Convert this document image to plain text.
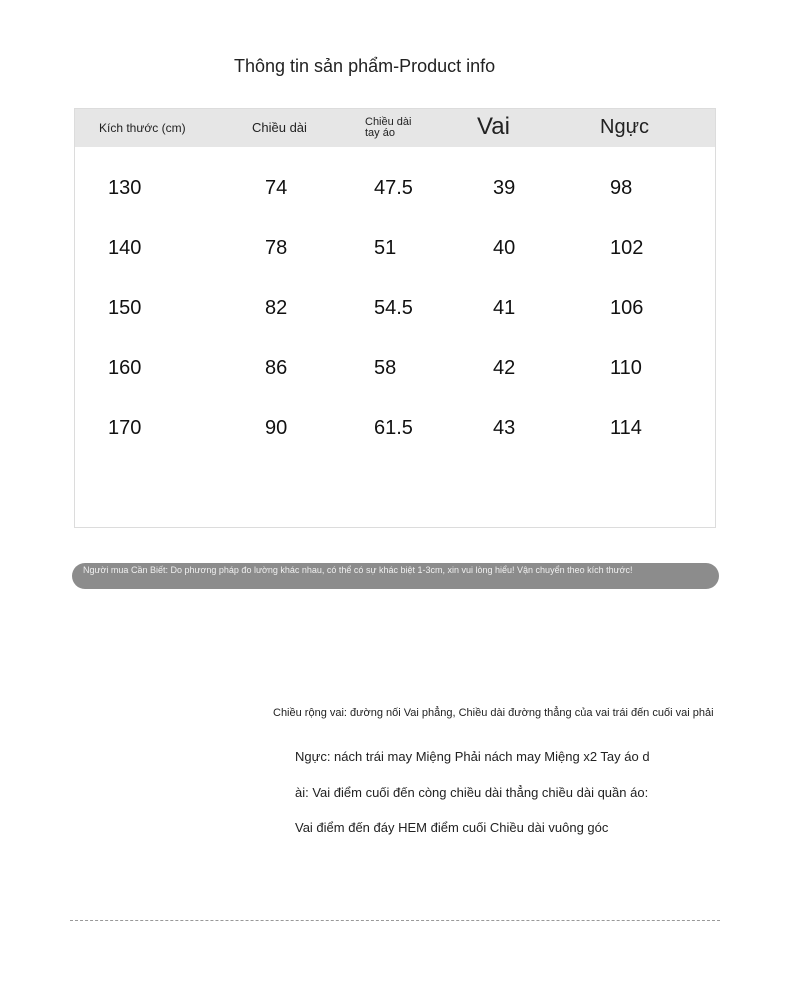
Thông tin sản phẩm-Product info
Kích thước (cm)	Chiều dài	Chiều dài tay áo	Vai	Ngực
130	74	47.5	39	98
140	78	51	40	102
150	82	54.5	41	106
160	86	58	42	110
170	90	61.5	43	114
Người mua Cần Biết: Do phương pháp đo lường khác nhau, có thể có sự khác biệt 1-3cm, xin vui lòng hiểu! Vận chuyển theo kích thước!
Chiều rộng vai: đường nối Vai phẳng, Chiều dài đường thẳng của vai trái đến cuối vai phải
Ngực: nách trái may Miệng Phải nách may Miệng x2 Tay áo d
ài: Vai điểm cuối đến còng chiều dài thẳng chiều dài quần áo:
Vai điểm đến đáy HEM điểm cuối Chiều dài vuông góc
